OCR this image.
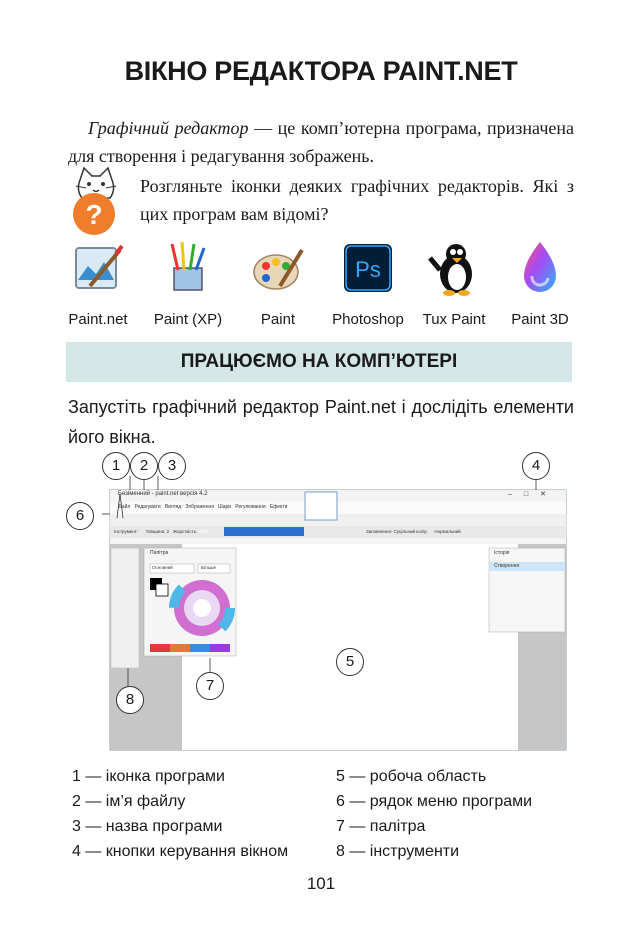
ВІКНО РЕДАКТОРА PAINT.NET

Графічний редактор — це комп’ютерна програма, призначена для створення і редагування зображень.

?
Розгляньте іконки деяких графічних редакторів. Які з цих програм вам відомі?
Paint.net	Paint (XP)	Paint
Ps
Photoshop	Tux Paint	Paint 3D
ПРАЦЮЄМО НА КОМП’ЮТЕРІ
Запустіть графічний редактор Paint.net і дослідіть елементи його вікна.
Безіменний - paint.net версія 4.2	–□✕
Файл Редагувати Вигляд Зображення Шари Регулювання Ефекти
Інструмент: Товщина: 2 Жорсткість: 75%	Заповнення: Суцільний колір Нормальний
Палітра
Основний	Більше
Історія
Створення
1	2	3	4
5
6
7
8
1 — іконка програми
2 — ім’я файлу
3 — назва програми
4 — кнопки керування вікном
5 — робоча область
6 — рядок меню програми
7 — палітра
8 — інструменти
101
